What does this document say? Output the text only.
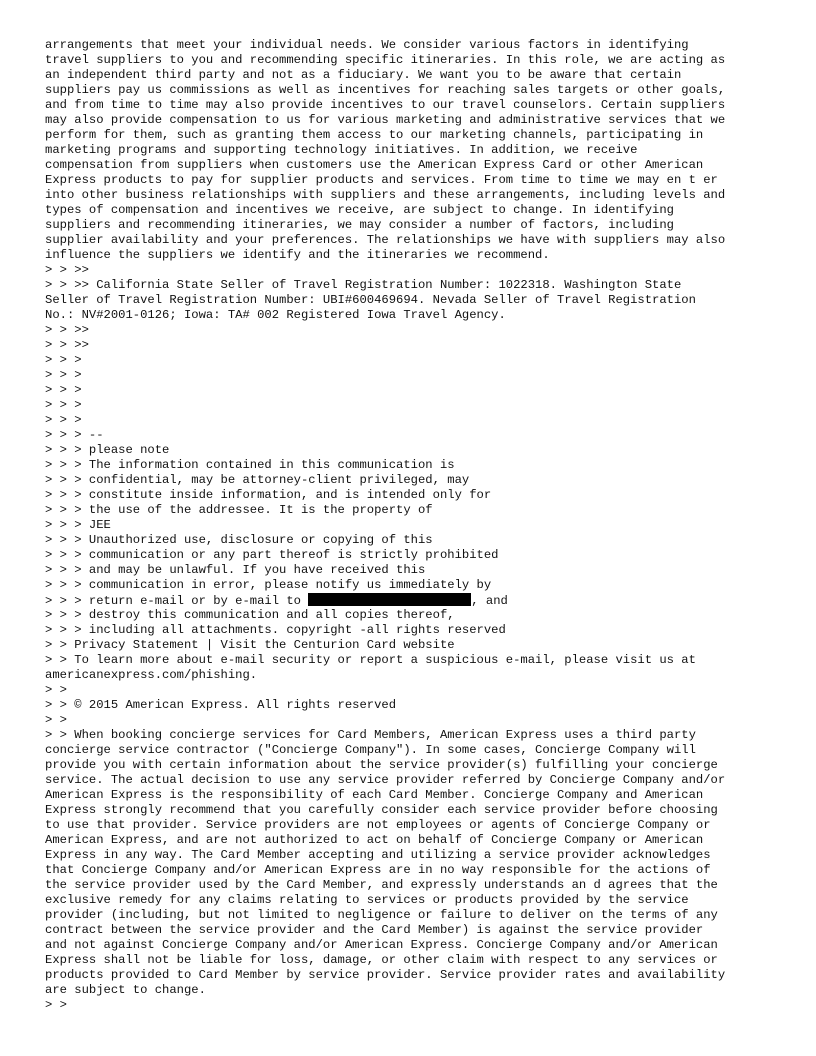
arrangements that meet your individual needs. We consider various factors in identifying
travel suppliers to you and recommending specific itineraries. In this role, we are acting as
an independent third party and not as a fiduciary. We want you to be aware that certain
suppliers pay us commissions as well as incentives for reaching sales targets or other goals,
and from time to time may also provide incentives to our travel counselors. Certain suppliers
may also provide compensation to us for various marketing and administrative services that we
perform for them, such as granting them access to our marketing channels, participating in
marketing programs and supporting technology initiatives. In addition, we receive
compensation from suppliers when customers use the American Express Card or other American
Express products to pay for supplier products and services. From time to time we may en t er
into other business relationships with suppliers and these arrangements, including levels and
types of compensation and incentives we receive, are subject to change. In identifying
suppliers and recommending itineraries, we may consider a number of factors, including
supplier availability and your preferences. The relationships we have with suppliers may also
influence the suppliers we identify and the itineraries we recommend.
> > >>
> > >> California State Seller of Travel Registration Number: 1022318. Washington State
Seller of Travel Registration Number: UBI#600469694. Nevada Seller of Travel Registration
No.: NV#2001-0126; Iowa: TA# 002 Registered Iowa Travel Agency.
> > >>
> > >>
> > >
> > >
> > >
> > >
> > >
> > > --
> > > please note
> > > The information contained in this communication is
> > > confidential, may be attorney-client privileged, may
> > > constitute inside information, and is intended only for
> > > the use of the addressee. It is the property of
> > > JEE
> > > Unauthorized use, disclosure or copying of this
> > > communication or any part thereof is strictly prohibited
> > > and may be unlawful. If you have received this
> > > communication in error, please notify us immediately by
> > > return e-mail or by e-mail to	, and
> > > destroy this communication and all copies thereof,
> > > including all attachments. copyright -all rights reserved
> > Privacy Statement | Visit the Centurion Card website
> > To learn more about e-mail security or report a suspicious e-mail, please visit us at
americanexpress.com/phishing.
> >
> > © 2015 American Express. All rights reserved
> >
> > When booking concierge services for Card Members, American Express uses a third party
concierge service contractor ("Concierge Company"). In some cases, Concierge Company will
provide you with certain information about the service provider(s) fulfilling your concierge
service. The actual decision to use any service provider referred by Concierge Company and/or
American Express is the responsibility of each Card Member. Concierge Company and American
Express strongly recommend that you carefully consider each service provider before choosing
to use that provider. Service providers are not employees or agents of Concierge Company or
American Express, and are not authorized to act on behalf of Concierge Company or American
Express in any way. The Card Member accepting and utilizing a service provider acknowledges
that Concierge Company and/or American Express are in no way responsible for the actions of
the service provider used by the Card Member, and expressly understands an d agrees that the
exclusive remedy for any claims relating to services or products provided by the service
provider (including, but not limited to negligence or failure to deliver on the terms of any
contract between the service provider and the Card Member) is against the service provider
and not against Concierge Company and/or American Express. Concierge Company and/or American
Express shall not be liable for loss, damage, or other claim with respect to any services or
products provided to Card Member by service provider. Service provider rates and availability
are subject to change.
> >
